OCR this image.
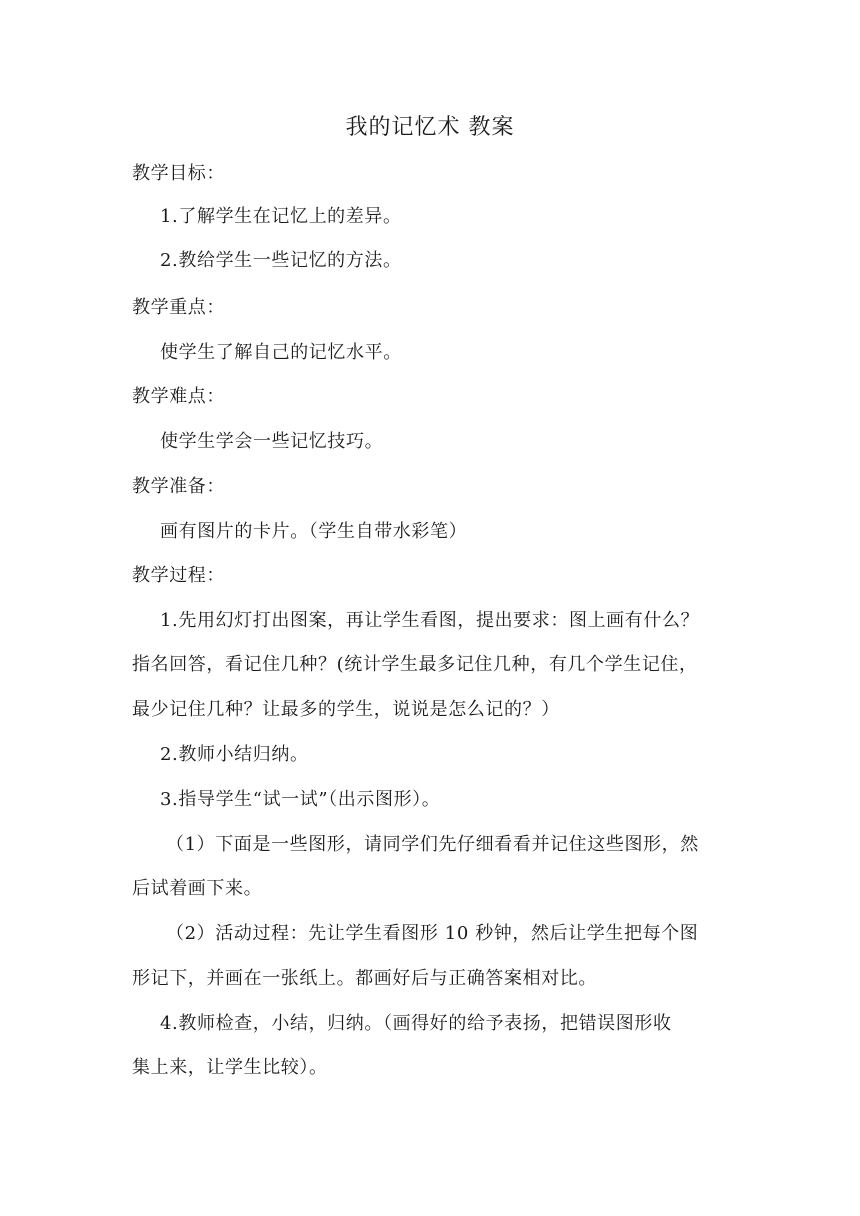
我的记忆术 教案
教学目标：
1.了解学生在记忆上的差异。
2.教给学生一些记忆的方法。
教学重点：
使学生了解自己的记忆水平。
教学难点：
使学生学会一些记忆技巧。
教学准备：
画有图片的卡片。（学生自带水彩笔）
教学过程：
1.先用幻灯打出图案，再让学生看图，提出要求：图上画有什么？
指名回答，看记住几种？(统计学生最多记住几种，有几个学生记住，
最少记住几种？让最多的学生，说说是怎么记的？）
2.教师小结归纳。
3.指导学生“试一试”（出示图形）。
（1）下面是一些图形，请同学们先仔细看看并记住这些图形，然
后试着画下来。
（2）活动过程：先让学生看图形 10 秒钟，然后让学生把每个图
形记下，并画在一张纸上。都画好后与正确答案相对比。
4.教师检查，小结，归纳。（画得好的给予表扬，把错误图形收
集上来，让学生比较）。
